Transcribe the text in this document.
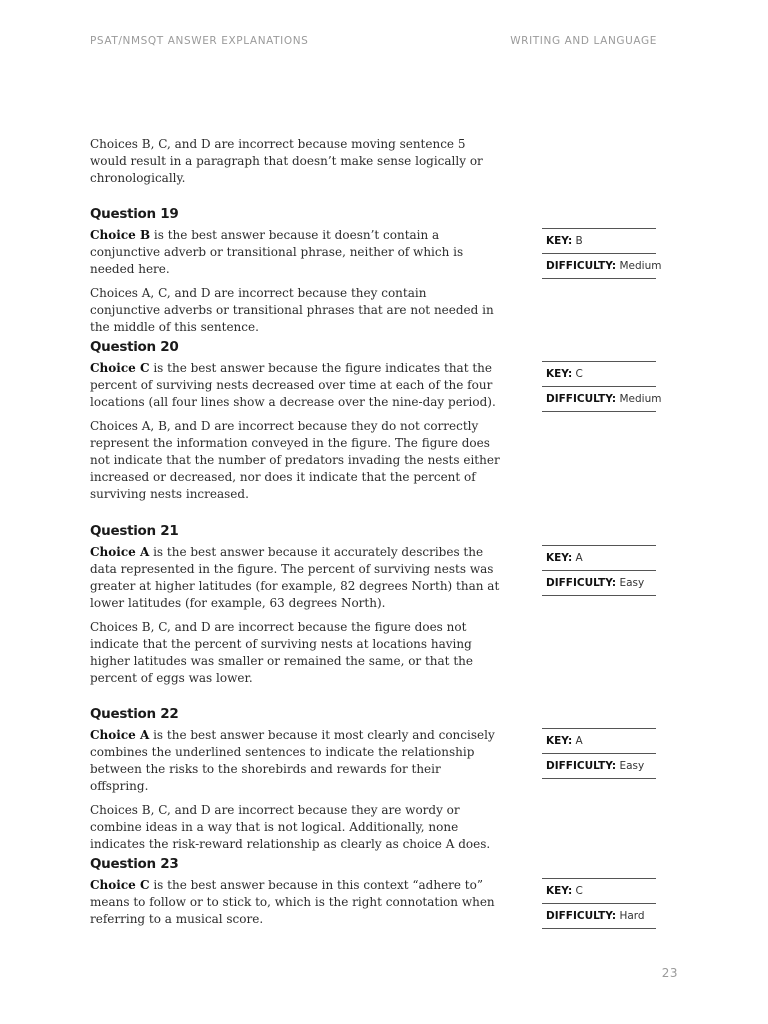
PSAT/NMSQT ANSWER EXPLANATIONS	WRITING AND LANGUAGE

Choices B, C, and D are incorrect because moving sentence 5 would result in a paragraph that doesn’t make sense logically or chronologically.

Question 19

Choice B is the best answer because it doesn’t contain a conjunctive adverb or transitional phrase, neither of which is needed here.

Choices A, C, and D are incorrect because they contain conjunctive adverbs or transitional phrases that are not needed in the middle of this sentence.

KEY: B
DIFFICULTY: Medium
Question 20

Choice C is the best answer because the figure indicates that the percent of surviving nests decreased over time at each of the four locations (all four lines show a decrease over the nine-day period).

Choices A, B, and D are incorrect because they do not correctly represent the information conveyed in the figure. The figure does not indicate that the number of predators invading the nests either increased or decreased, nor does it indicate that the percent of surviving nests increased.

KEY: C
DIFFICULTY: Medium
Question 21

Choice A is the best answer because it accurately describes the data represented in the figure. The percent of surviving nests was greater at higher latitudes (for example, 82 degrees North) than at lower latitudes (for example, 63 degrees North).

Choices B, C, and D are incorrect because the figure does not indicate that the percent of surviving nests at locations having higher latitudes was smaller or remained the same, or that the percent of eggs was lower.

KEY: A
DIFFICULTY: Easy
Question 22

Choice A is the best answer because it most clearly and concisely combines the underlined sentences to indicate the relationship between the risks to the shorebirds and rewards for their offspring.

Choices B, C, and D are incorrect because they are wordy or combine ideas in a way that is not logical. Additionally, none indicates the risk-reward relationship as clearly as choice A does.

KEY: A
DIFFICULTY: Easy
Question 23

Choice C is the best answer because in this context “adhere to” means to follow or to stick to, which is the right connotation when referring to a musical score.

KEY: C
DIFFICULTY: Hard
23
